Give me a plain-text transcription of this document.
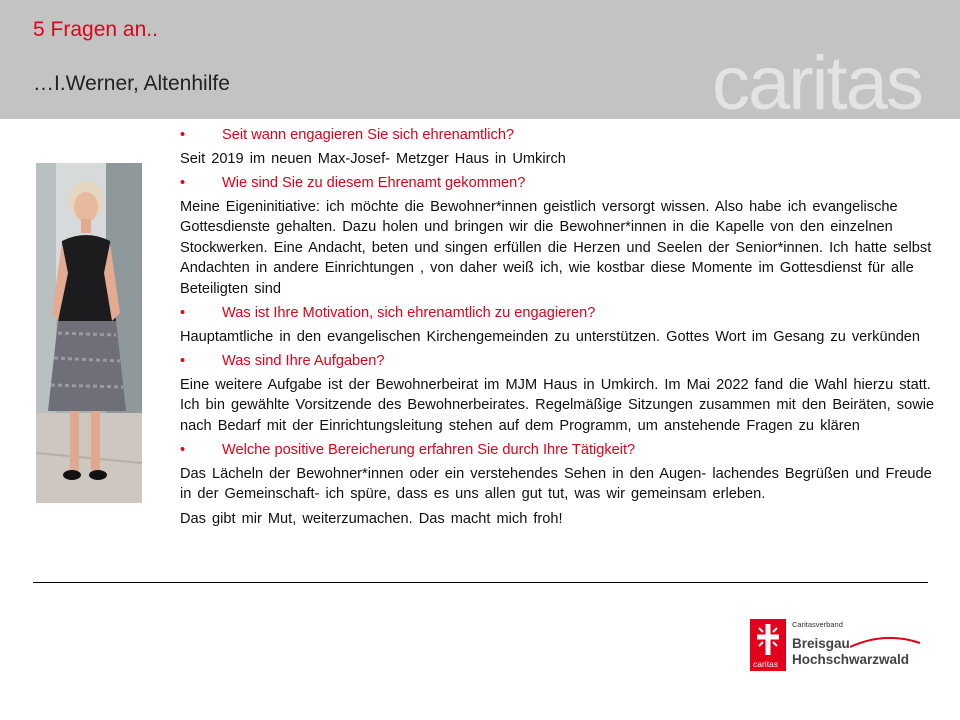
5 Fragen an..
…I.Werner, Altenhilfe	caritas
•	Seit wann engagieren Sie sich ehrenamtlich?
Seit 2019 im neuen Max-Josef- Metzger Haus in Umkirch
•	Wie sind Sie zu diesem Ehrenamt gekommen?
Meine Eigeninitiative: ich möchte die Bewohner*innen geistlich versorgt wissen. Also habe ich evangelische Gottesdienste gehalten. Dazu holen und bringen wir die Bewohner*innen in die Kapelle von den einzelnen Stockwerken. Eine Andacht, beten und singen erfüllen die Herzen und Seelen der Senior*innen. Ich hatte selbst Andachten in andere Einrichtungen , von daher weiß ich, wie kostbar diese Momente im Gottesdienst für alle Beteiligten sind
•	Was ist Ihre Motivation, sich ehrenamtlich zu engagieren?
Hauptamtliche in den evangelischen Kirchengemeinden zu unterstützen. Gottes Wort im Gesang zu verkünden
•	Was sind Ihre Aufgaben?
Eine weitere Aufgabe ist der Bewohnerbeirat im MJM Haus in Umkirch. Im Mai 2022 fand die Wahl hierzu statt. Ich bin gewählte Vorsitzende des Bewohnerbeirates. Regelmäßige Sitzungen zusammen mit den Beiräten, sowie nach Bedarf mit der Einrichtungsleitung stehen auf dem Programm, um anstehende Fragen zu klären
•	Welche positive Bereicherung erfahren Sie durch Ihre Tätigkeit?
Das Lächeln der Bewohner*innen oder ein verstehendes Sehen in den Augen- lachendes Begrüßen und Freude in der Gemeinschaft- ich spüre, dass es uns allen gut tut, was wir gemeinsam erleben.
Das gibt mir Mut, weiterzumachen. Das macht mich froh!
caritas
Caritasverband
Breisgau
Hochschwarzwald
